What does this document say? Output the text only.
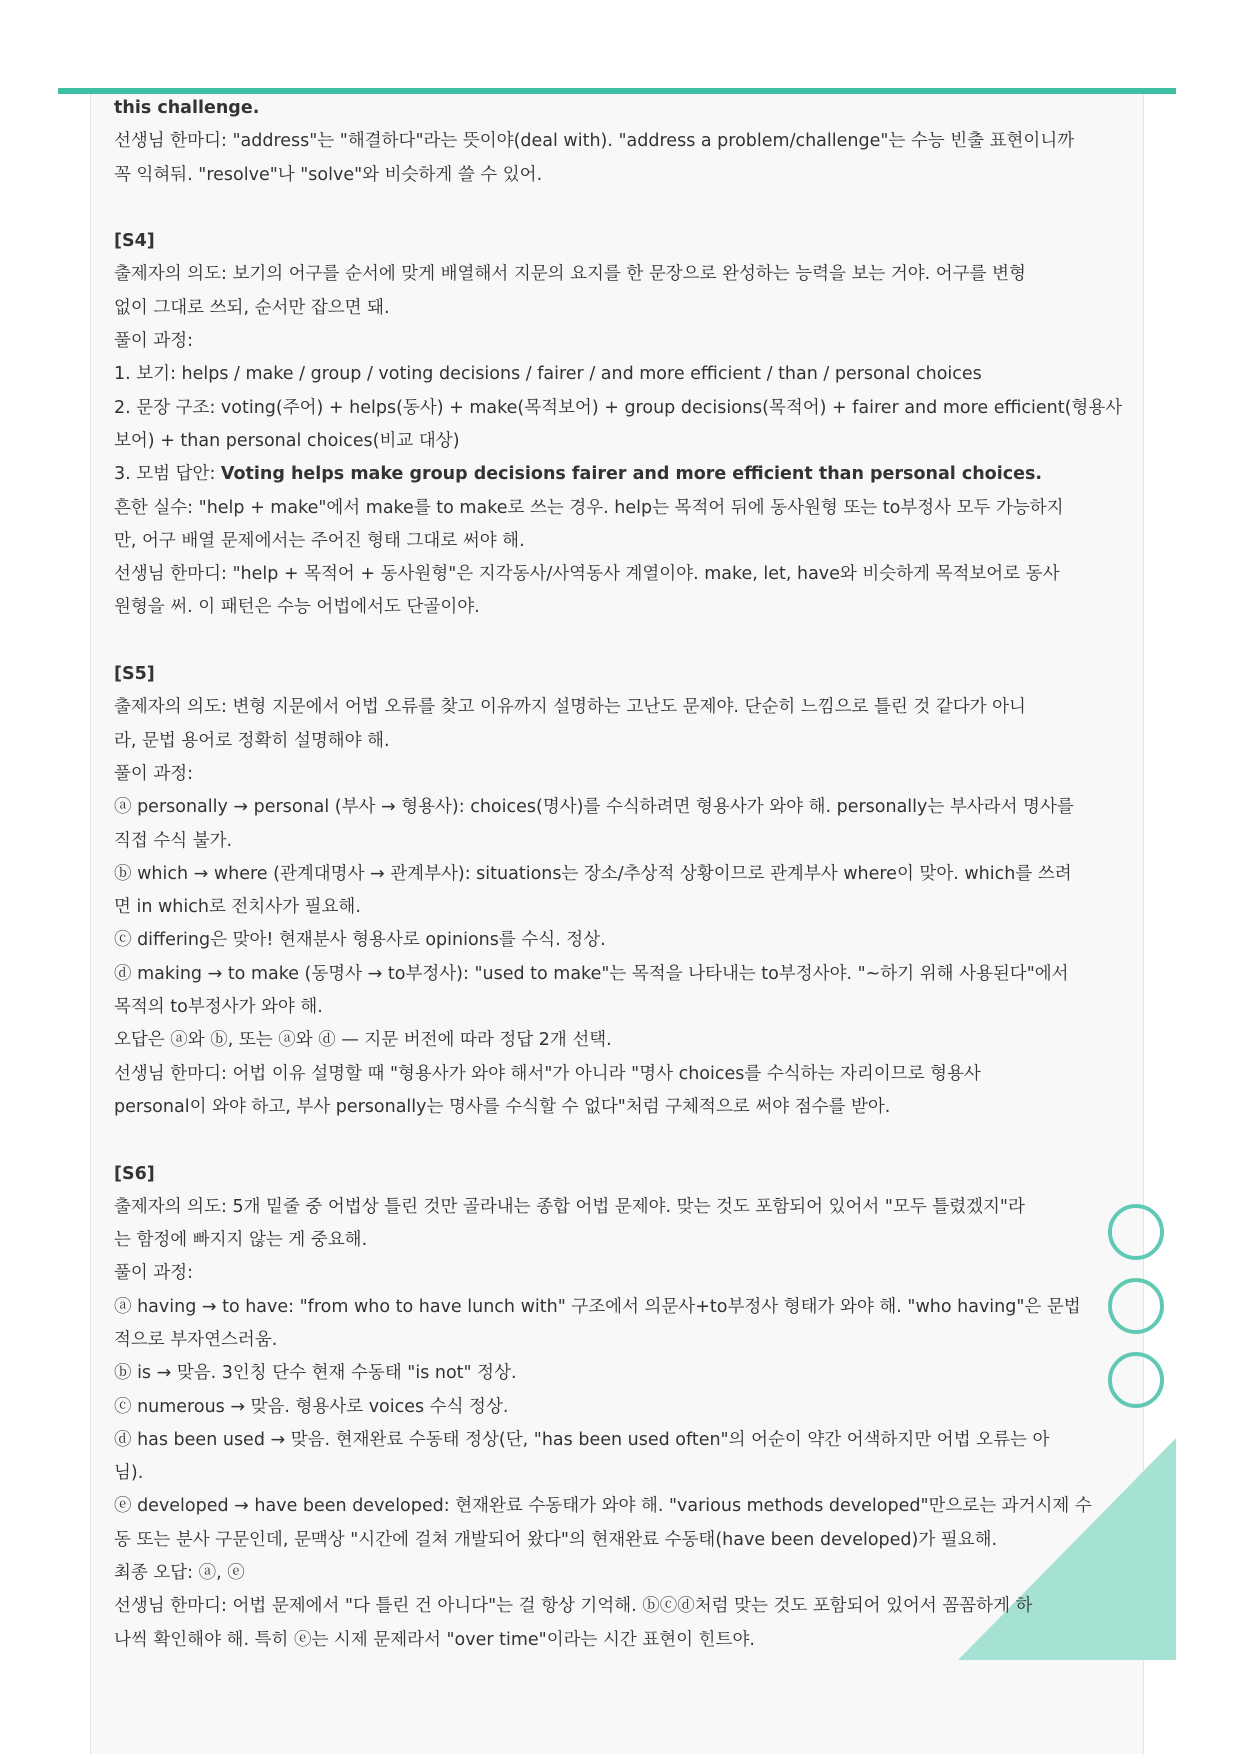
this challenge.

선생님 한마디: "address"는 "해결하다"라는 뜻이야(deal with). "address a problem/challenge"는 수능 빈출 표현이니까

꼭 익혀둬. "resolve"나 "solve"와 비슷하게 쓸 수 있어.

[S4]

출제자의 의도: 보기의 어구를 순서에 맞게 배열해서 지문의 요지를 한 문장으로 완성하는 능력을 보는 거야. 어구를 변형

없이 그대로 쓰되, 순서만 잡으면 돼.

풀이 과정:

1. 보기: helps / make / group / voting decisions / fairer / and more efficient / than / personal choices

2. 문장 구조: voting(주어) + helps(동사) + make(목적보어) + group decisions(목적어) + fairer and more efficient(형용사

보어) + than personal choices(비교 대상)

3. 모범 답안: Voting helps make group decisions fairer and more efficient than personal choices.

흔한 실수: "help + make"에서 make를 to make로 쓰는 경우. help는 목적어 뒤에 동사원형 또는 to부정사 모두 가능하지

만, 어구 배열 문제에서는 주어진 형태 그대로 써야 해.

선생님 한마디: "help + 목적어 + 동사원형"은 지각동사/사역동사 계열이야. make, let, have와 비슷하게 목적보어로 동사

원형을 써. 이 패턴은 수능 어법에서도 단골이야.

[S5]

출제자의 의도: 변형 지문에서 어법 오류를 찾고 이유까지 설명하는 고난도 문제야. 단순히 느낌으로 틀린 것 같다가 아니

라, 문법 용어로 정확히 설명해야 해.

풀이 과정:

ⓐ personally → personal (부사 → 형용사): choices(명사)를 수식하려면 형용사가 와야 해. personally는 부사라서 명사를

직접 수식 불가.

ⓑ which → where (관계대명사 → 관계부사): situations는 장소/추상적 상황이므로 관계부사 where이 맞아. which를 쓰려

면 in which로 전치사가 필요해.

ⓒ differing은 맞아! 현재분사 형용사로 opinions를 수식. 정상.

ⓓ making → to make (동명사 → to부정사): "used to make"는 목적을 나타내는 to부정사야. "~하기 위해 사용된다"에서

목적의 to부정사가 와야 해.

오답은 ⓐ와 ⓑ, 또는 ⓐ와 ⓓ — 지문 버전에 따라 정답 2개 선택.

선생님 한마디: 어법 이유 설명할 때 "형용사가 와야 해서"가 아니라 "명사 choices를 수식하는 자리이므로 형용사

personal이 와야 하고, 부사 personally는 명사를 수식할 수 없다"처럼 구체적으로 써야 점수를 받아.

[S6]

출제자의 의도: 5개 밑줄 중 어법상 틀린 것만 골라내는 종합 어법 문제야. 맞는 것도 포함되어 있어서 "모두 틀렸겠지"라

는 함정에 빠지지 않는 게 중요해.

풀이 과정:

ⓐ having → to have: "from who to have lunch with" 구조에서 의문사+to부정사 형태가 와야 해. "who having"은 문법

적으로 부자연스러움.

ⓑ is → 맞음. 3인칭 단수 현재 수동태 "is not" 정상.

ⓒ numerous → 맞음. 형용사로 voices 수식 정상.

ⓓ has been used → 맞음. 현재완료 수동태 정상(단, "has been used often"의 어순이 약간 어색하지만 어법 오류는 아

님).

ⓔ developed → have been developed: 현재완료 수동태가 와야 해. "various methods developed"만으로는 과거시제 수

동 또는 분사 구문인데, 문맥상 "시간에 걸쳐 개발되어 왔다"의 현재완료 수동태(have been developed)가 필요해.

최종 오답: ⓐ, ⓔ

선생님 한마디: 어법 문제에서 "다 틀린 건 아니다"는 걸 항상 기억해. ⓑⓒⓓ처럼 맞는 것도 포함되어 있어서 꼼꼼하게 하

나씩 확인해야 해. 특히 ⓔ는 시제 문제라서 "over time"이라는 시간 표현이 힌트야.
